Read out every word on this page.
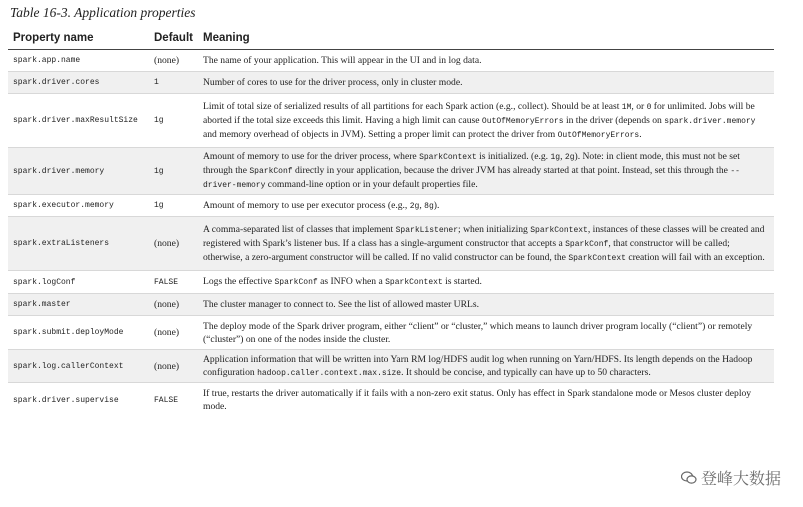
Table 16-3. Application properties
Property name	Default	Meaning
spark.app.name	(none)	The name of your application. This will appear in the UI and in log data.
spark.driver.cores	1	Number of cores to use for the driver process, only in cluster mode.
spark.driver.maxResultSize	1g	Limit of total size of serialized results of all partitions for each Spark action (e.g., collect). Should be at least 1M, or 0 for unlimited. Jobs will be aborted if the total size exceeds this limit. Having a high limit can cause OutOfMemoryErrors in the driver (depends on spark.driver.memory and memory overhead of objects in JVM). Setting a proper limit can protect the driver from OutOfMemoryErrors.
spark.driver.memory	1g	Amount of memory to use for the driver process, where SparkContext is initialized. (e.g. 1g, 2g). Note: in client mode, this must not be set through the SparkConf directly in your application, because the driver JVM has already started at that point. Instead, set this through the --driver-memory command-line option or in your default properties file.
spark.executor.memory	1g	Amount of memory to use per executor process (e.g., 2g, 8g).
spark.extraListeners	(none)	A comma-separated list of classes that implement SparkListener; when initializing SparkContext, instances of these classes will be created and registered with Spark’s listener bus. If a class has a single-argument constructor that accepts a SparkConf, that constructor will be called; otherwise, a zero-argument constructor will be called. If no valid constructor can be found, the SparkContext creation will fail with an exception.
spark.logConf	FALSE	Logs the effective SparkConf as INFO when a SparkContext is started.
spark.master	(none)	The cluster manager to connect to. See the list of allowed master URLs.
spark.submit.deployMode	(none)	The deploy mode of the Spark driver program, either “client” or “cluster,” which means to launch driver program locally (“client”) or remotely (“cluster”) on one of the nodes inside the cluster.
spark.log.callerContext	(none)	Application information that will be written into Yarn RM log/HDFS audit log when running on Yarn/HDFS. Its length depends on the Hadoop configuration hadoop.caller.context.max.size. It should be concise, and typically can have up to 50 characters.
spark.driver.supervise	FALSE	If true, restarts the driver automatically if it fails with a non-zero exit status. Only has effect in Spark standalone mode or Mesos cluster deploy mode.
登峰大数据
